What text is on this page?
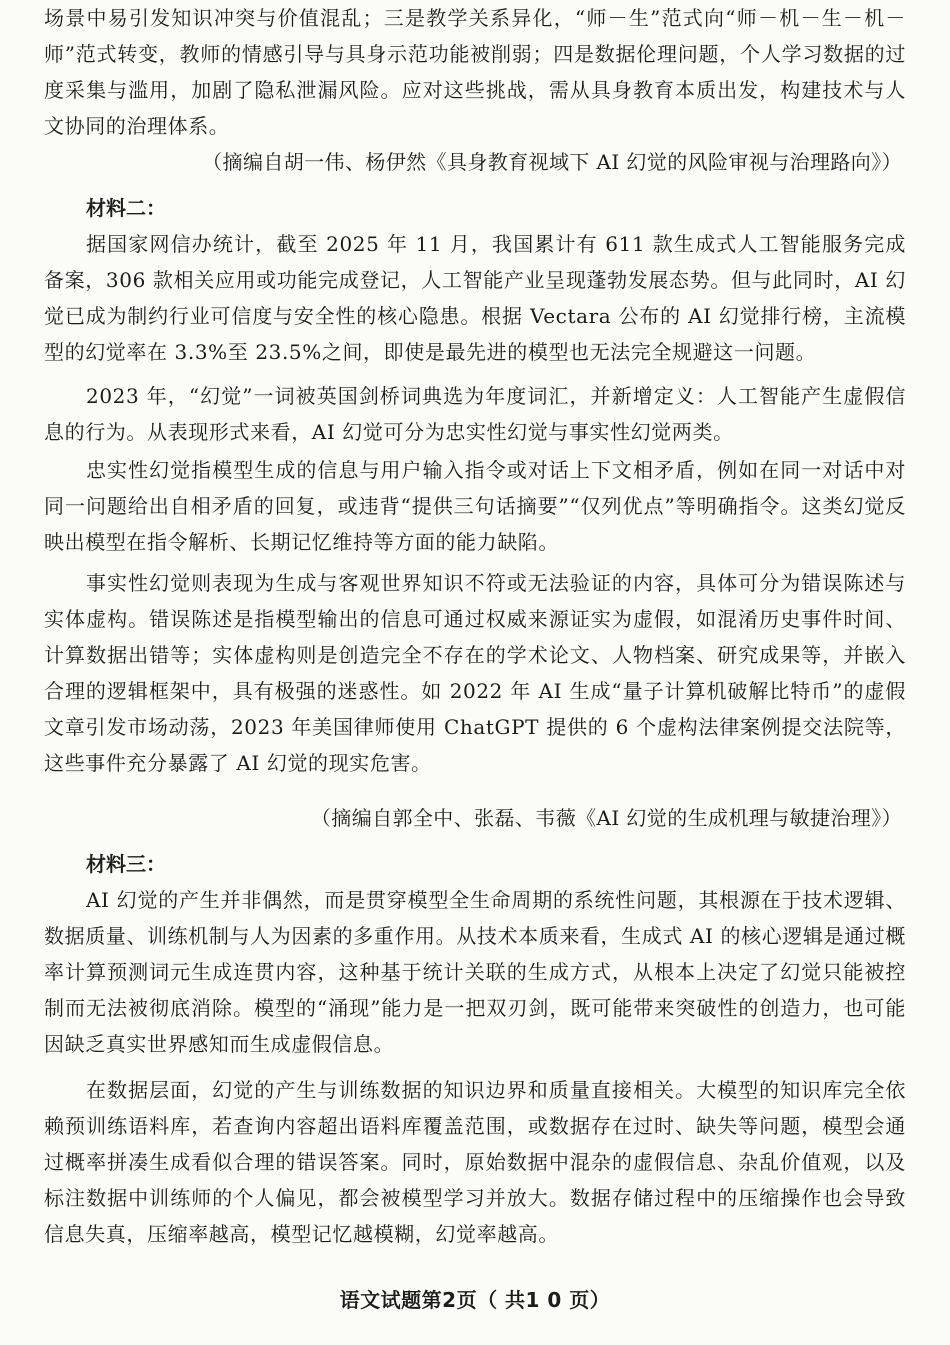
场景中易引发知识冲突与价值混乱；三是教学关系异化，“师－生”范式向“师－机－生－机－师”范式转变，教师的情感引导与具身示范功能被削弱；四是数据伦理问题，个人学习数据的过度采集与滥用，加剧了隐私泄漏风险。应对这些挑战，需从具身教育本质出发，构建技术与人文协同的治理体系。

（摘编自胡一伟、杨伊然《具身教育视域下 AI 幻觉的风险审视与治理路向》）

材料二：

据国家网信办统计，截至 2025 年 11 月，我国累计有 611 款生成式人工智能服务完成备案，306 款相关应用或功能完成登记，人工智能产业呈现蓬勃发展态势。但与此同时，AI 幻觉已成为制约行业可信度与安全性的核心隐患。根据 Vectara 公布的 AI 幻觉排行榜，主流模型的幻觉率在 3.3%至 23.5%之间，即使是最先进的模型也无法完全规避这一问题。

2023 年，“幻觉”一词被英国剑桥词典选为年度词汇，并新增定义：人工智能产生虚假信息的行为。从表现形式来看，AI 幻觉可分为忠实性幻觉与事实性幻觉两类。

忠实性幻觉指模型生成的信息与用户输入指令或对话上下文相矛盾，例如在同一对话中对同一问题给出自相矛盾的回复，或违背“提供三句话摘要”“仅列优点”等明确指令。这类幻觉反映出模型在指令解析、长期记忆维持等方面的能力缺陷。

事实性幻觉则表现为生成与客观世界知识不符或无法验证的内容，具体可分为错误陈述与实体虚构。错误陈述是指模型输出的信息可通过权威来源证实为虚假，如混淆历史事件时间、计算数据出错等；实体虚构则是创造完全不存在的学术论文、人物档案、研究成果等，并嵌入合理的逻辑框架中，具有极强的迷惑性。如 2022 年 AI 生成“量子计算机破解比特币”的虚假文章引发市场动荡，2023 年美国律师使用 ChatGPT 提供的 6 个虚构法律案例提交法院等，这些事件充分暴露了 AI 幻觉的现实危害。

（摘编自郭全中、张磊、韦薇《AI 幻觉的生成机理与敏捷治理》）

材料三：

AI 幻觉的产生并非偶然，而是贯穿模型全生命周期的系统性问题，其根源在于技术逻辑、数据质量、训练机制与人为因素的多重作用。从技术本质来看，生成式 AI 的核心逻辑是通过概率计算预测词元生成连贯内容，这种基于统计关联的生成方式，从根本上决定了幻觉只能被控制而无法被彻底消除。模型的“涌现”能力是一把双刃剑，既可能带来突破性的创造力，也可能因缺乏真实世界感知而生成虚假信息。

在数据层面，幻觉的产生与训练数据的知识边界和质量直接相关。大模型的知识库完全依赖预训练语料库，若查询内容超出语料库覆盖范围，或数据存在过时、缺失等问题，模型会通过概率拼凑生成看似合理的错误答案。同时，原始数据中混杂的虚假信息、杂乱价值观，以及标注数据中训练师的个人偏见，都会被模型学习并放大。数据存储过程中的压缩操作也会导致信息失真，压缩率越高，模型记忆越模糊，幻觉率越高。

语文试题第2页（ 共1 0 页）
